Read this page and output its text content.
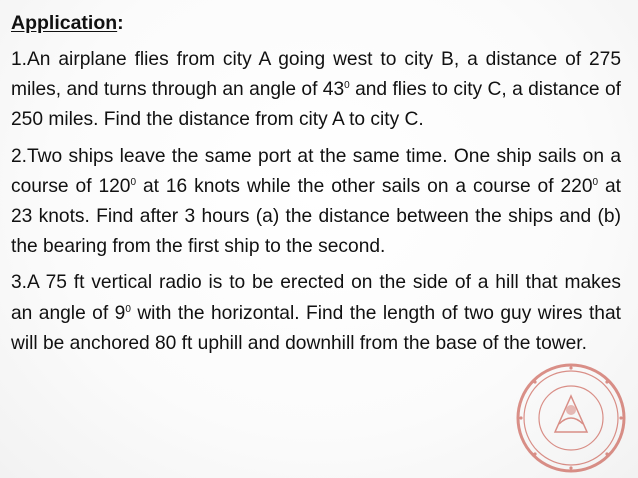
Application:

1.An airplane flies from city A going west to city B, a distance of 275 miles, and turns through an angle of $43^0$ and flies to city C, a distance of 250 miles. Find the distance from city A to city C.

2.Two ships leave the same port at the same time. One ship sails on a course of $120^0$ at 16 knots while the other sails on a course of $220^0$ at 23 knots. Find after 3 hours (a) the distance between the ships and (b) the bearing from the first ship to the second.

3.A 75 ft vertical radio is to be erected on the side of a hill that makes an angle of $9^0$ with the horizontal. Find the length of two guy wires that will be anchored 80 ft uphill and downhill from the base of the tower.
